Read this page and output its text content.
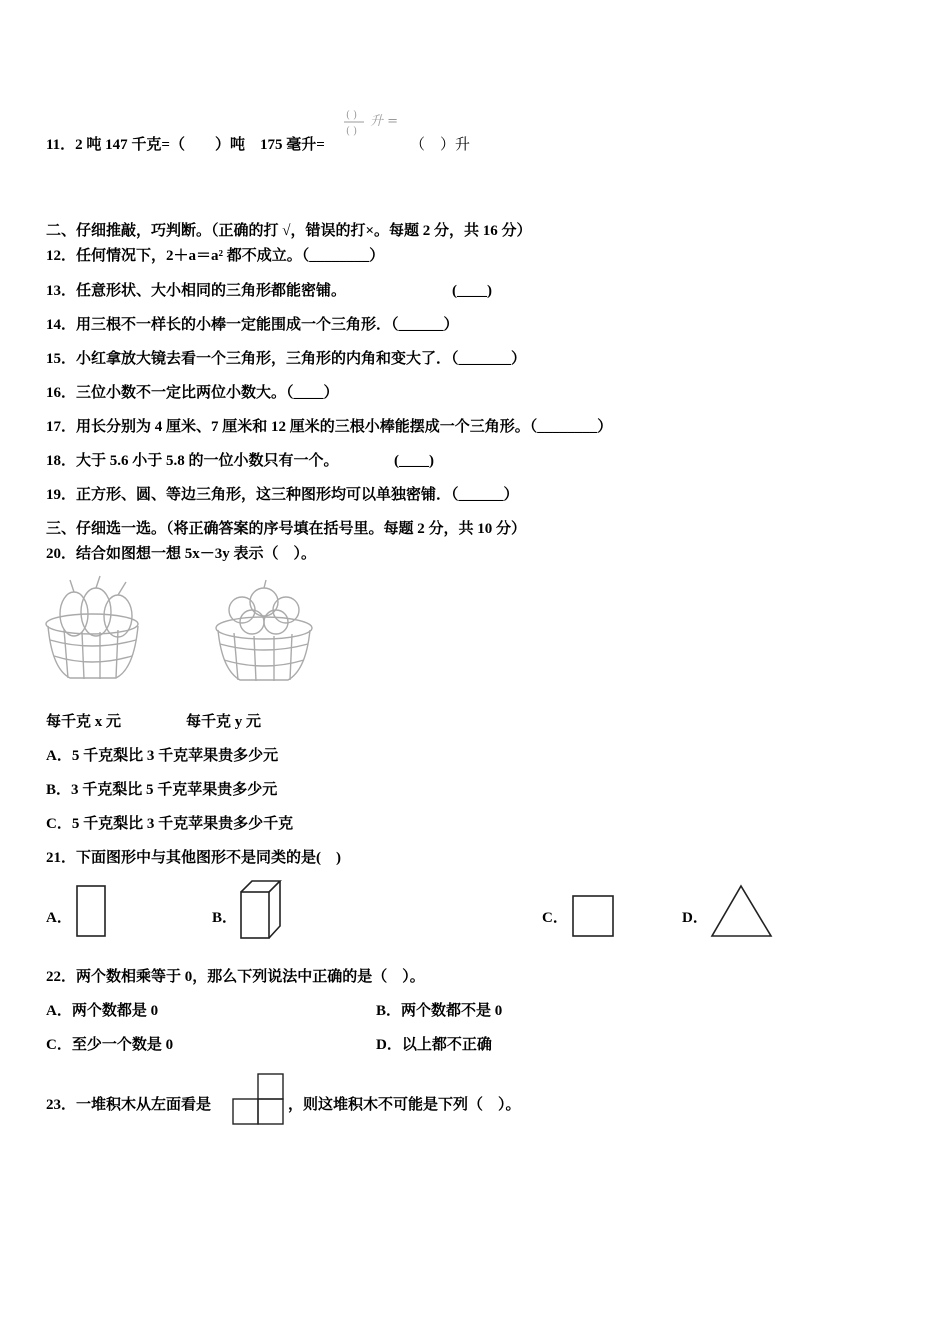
11．2 吨 147 千克=（　　）吨　175 毫升=
( )
( )
升 =
（　）升
二、仔细推敲，巧判断。（正确的打 √，错误的打×。每题 2 分，共 16 分）
12．任何情况下，2＋a＝a² 都不成立。（________）
13．任意形状、大小相同的三角形都能密铺。	(____)
14．用三根不一样长的小棒一定能围成一个三角形．（______）
15．小红拿放大镜去看一个三角形，三角形的内角和变大了．（_______）
16．三位小数不一定比两位小数大。（____）
17．用长分别为 4 厘米、7 厘米和 12 厘米的三根小棒能摆成一个三角形。（________）
18．大于 5.6 小于 5.8 的一位小数只有一个。	(____)
19．正方形、圆、等边三角形，这三种图形均可以单独密铺．（______）
三、仔细选一选。（将正确答案的序号填在括号里。每题 2 分，共 10 分）
20．结合如图想一想 5x－3y 表示（　）。
每千克 x 元	每千克 y 元
A．5 千克梨比 3 千克苹果贵多少元
B．3 千克梨比 5 千克苹果贵多少元
C．5 千克梨比 3 千克苹果贵多少千克
21．下面图形中与其他图形不是同类的是(　)
A．	B．	C．	D．
22．两个数相乘等于 0，那么下列说法中正确的是（　）。
A．两个数都是 0	B．两个数都不是 0
C．至少一个数是 0	D．以上都不正确
23．一堆积木从左面看是	，则这堆积木不可能是下列（　）。
